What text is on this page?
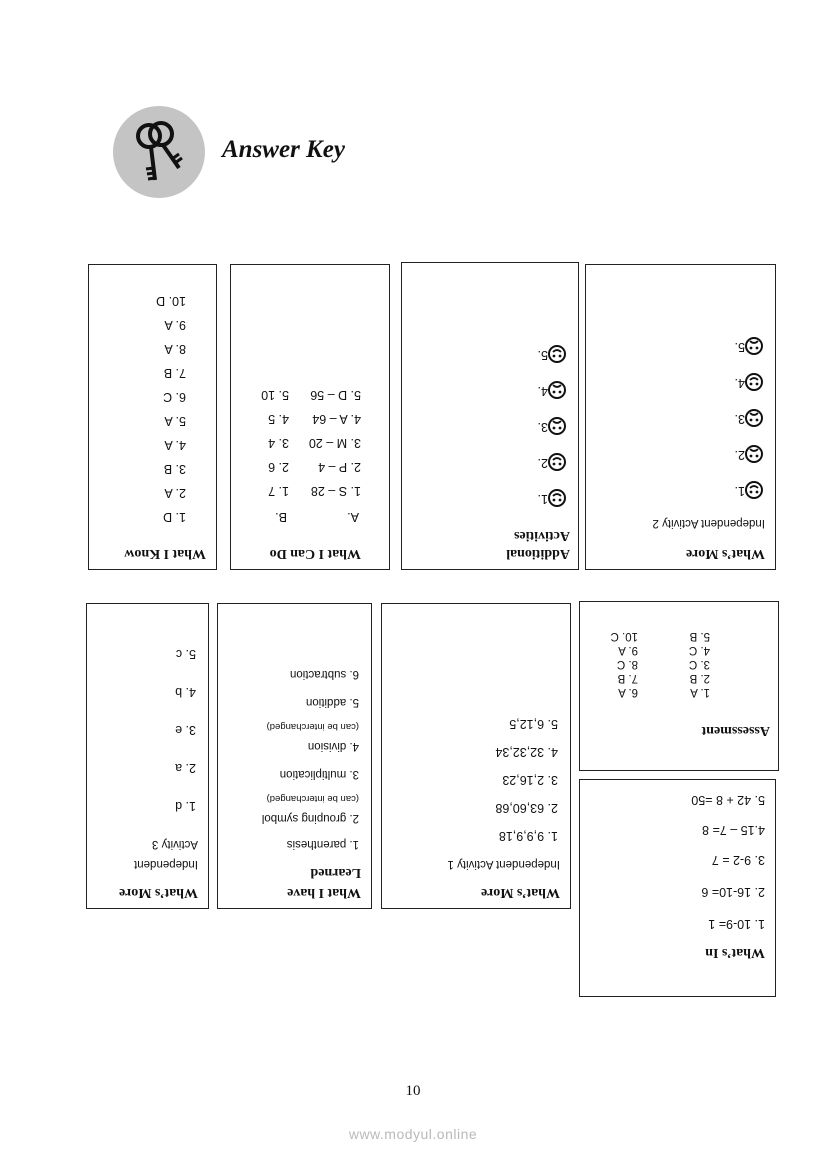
Answer Key
What I Know
1. D
2. A
3. B
4. A
5. A
6. C
7. B
8. A
9. A
10. D
What I Can Do
A.
B.
1. S – 28
1. 7
2. P – 4
2. 6
3. M – 20
3. 4
4. A – 64
4. 5
5. D – 56
5. 10
Additional
Activities
1.
2.
3.
4.
5.
What’s More
Independent Activity 2
1.
2.
3.
4.
5.
What’s More
Independent
Activity 3
1. d
2. a
3. e
4. b
5. c
What I have
Learned
1. parenthesis
2. grouping symbol
(can be interchanged)
3. multiplication
4. division
(can be interchanged)
5. addition
6. subtraction
What’s More
Independent Activity 1
1. 9,9,9,18
2. 63,60,68
3. 2,16,23
4. 32,32,34
5. 6,12,5	Assessment
1. A
2. B
3. C
4. C
5. B
6. A
7. B
8. C
9. A
10. C
What’s In
1. 10-9= 1
2. 16-10= 6
3. 9-2 = 7
4.15 – 7= 8
5. 42 + 8 =50
10
www.modyul.online
